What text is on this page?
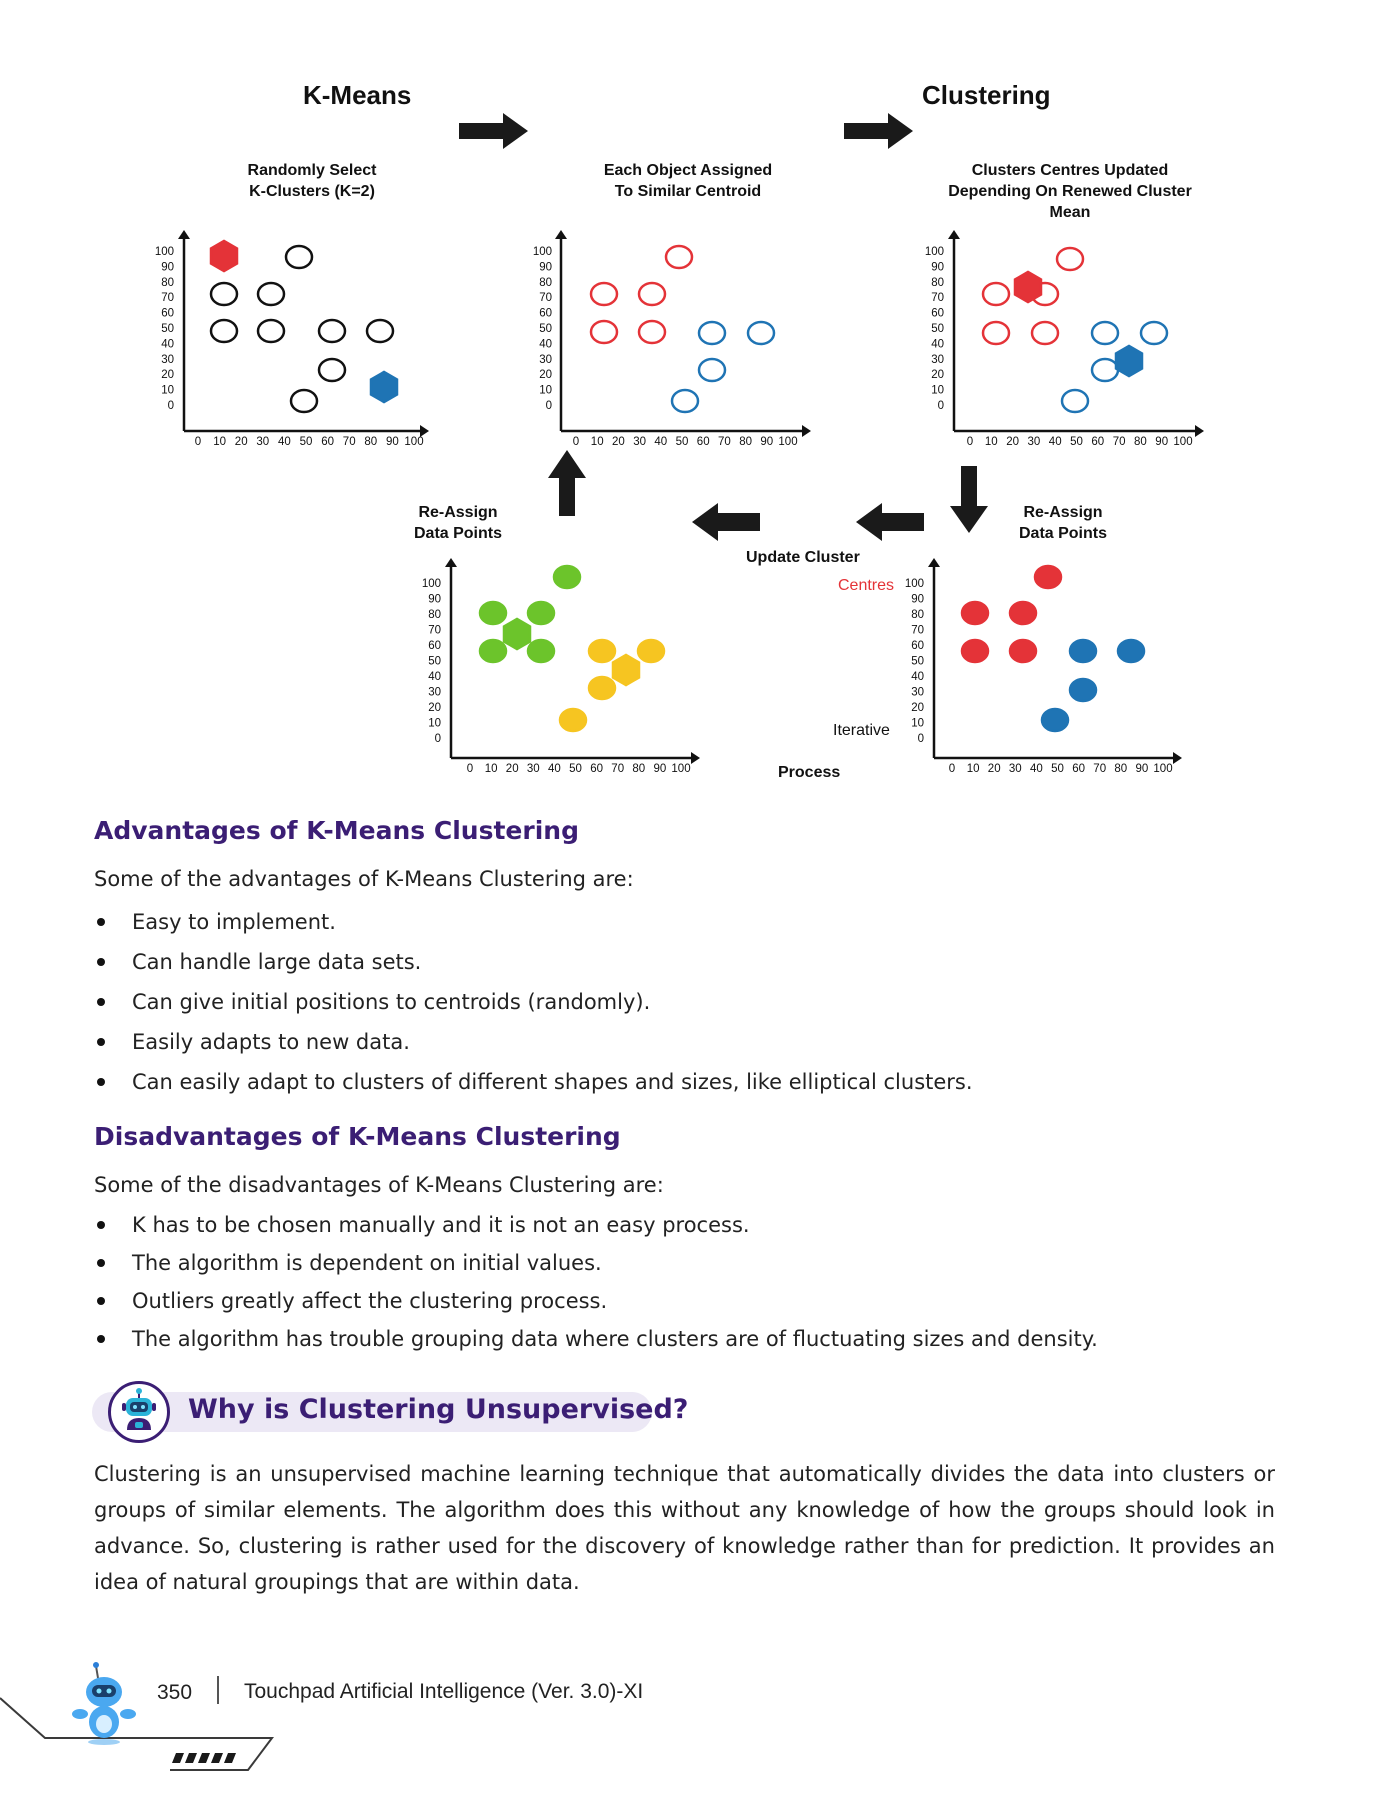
K-Means	Clustering
Randomly Select
K-Clusters (K=2)
Each Object Assigned
To Similar Centroid
Clusters Centres Updated
Depending On Renewed Cluster
Mean
Re-Assign
Data Points
Re-Assign
Data Points
Update Cluster
Centres
Iterative
Process
100
90
80
70
60
50
40
30
20
10
0
0 10 20 30 40 50 60 70 80 90 100
100
90
80
70
60
50
40
30
20
10
0
0 10 20 30 40 50 60 70 80 90 100
100
90
80
70
60
50
40
30
20
10
0
0 10 20 30 40 50 60 70 80 90 100
100
90
80
70
60
50
40
30
20
10
0
0 10 20 30 40 50 60 70 80 90 100
100
90
80
70
60
50
40
30
20
10
0
0 10 20 30 40 50 60 70 80 90 100
Advantages of K-Means Clustering

Some of the advantages of K-Means Clustering are:

Easy to implement.
Can handle large data sets.
Can give initial positions to centroids (randomly).
Easily adapts to new data.
Can easily adapt to clusters of different shapes and sizes, like elliptical clusters.
Disadvantages of K-Means Clustering

Some of the disadvantages of K-Means Clustering are:

K has to be chosen manually and it is not an easy process.
The algorithm is dependent on initial values.
Outliers greatly affect the clustering process.
The algorithm has trouble grouping data where clusters are of fluctuating sizes and density.
Why is Clustering Unsupervised?

Clustering is an unsupervised machine learning technique that automatically divides the data into clusters or groups of similar elements. The algorithm does this without any knowledge of how the groups should look in advance. So, clustering is rather used for the discovery of knowledge rather than for prediction. It provides an idea of natural groupings that are within data.

350 Touchpad Artificial Intelligence (Ver. 3.0)-XI
